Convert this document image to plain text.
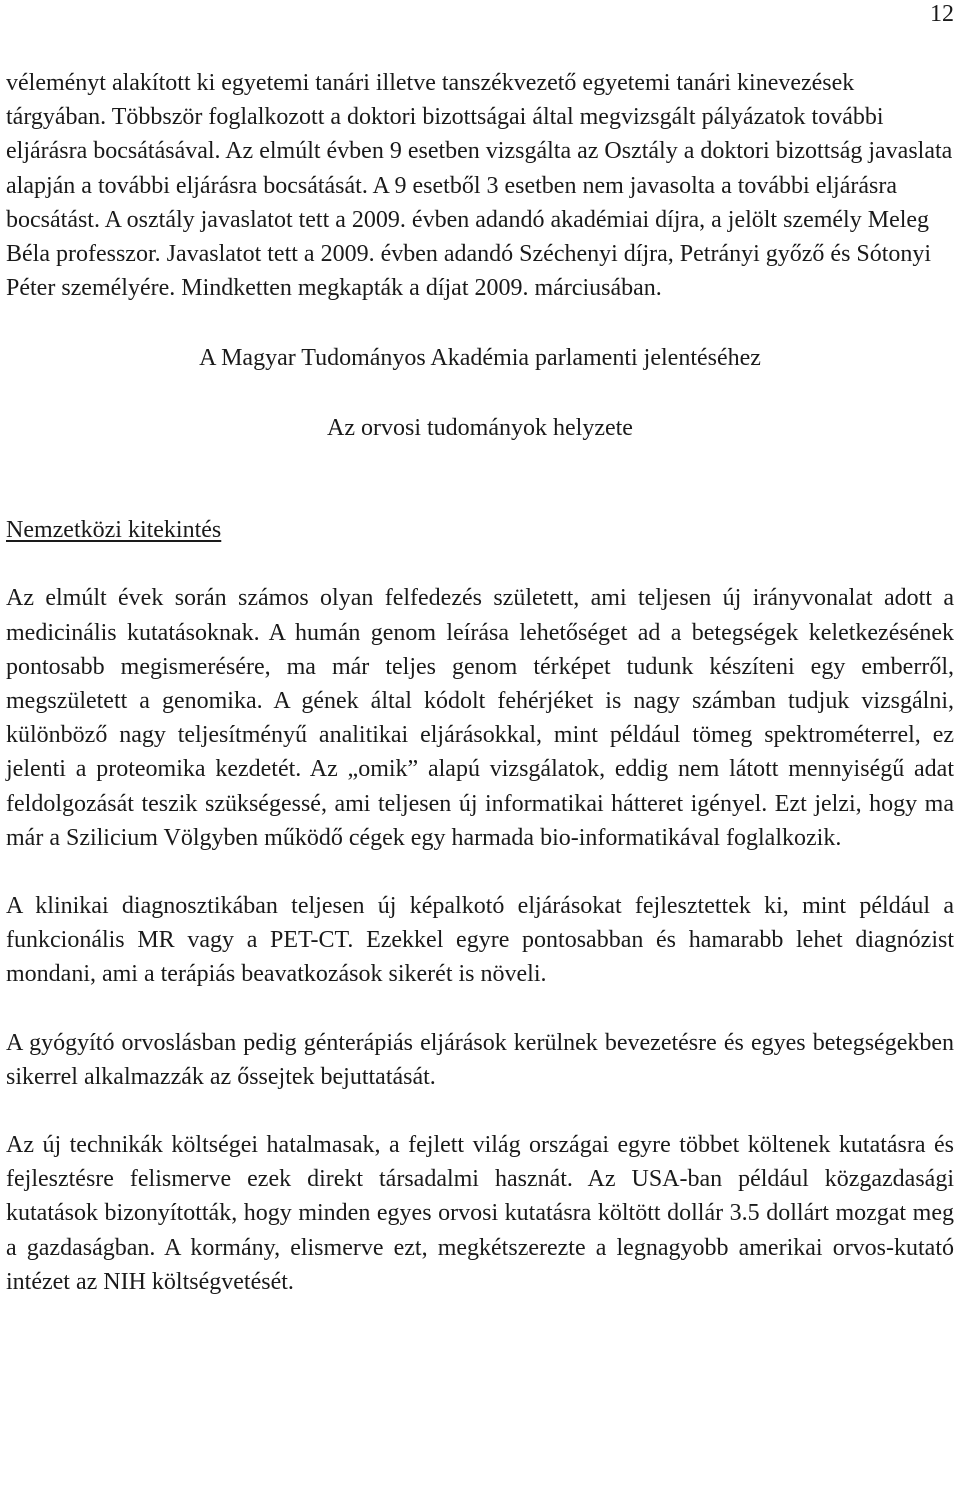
12

véleményt alakított ki egyetemi tanári illetve tanszékvezető egyetemi tanári kinevezések tárgyában. Többször foglalkozott a doktori bizottságai által megvizsgált pályázatok további eljárásra bocsátásával. Az elmúlt évben 9 esetben vizsgálta az Osztály a doktori bizottság javaslata alapján a további eljárásra bocsátását. A 9 esetből 3 esetben nem javasolta a további eljárásra bocsátást. A osztály javaslatot tett a 2009. évben adandó akadémiai díjra, a jelölt személy Meleg Béla professzor. Javaslatot tett a 2009. évben adandó Széchenyi díjra, Petrányi győző és Sótonyi Péter személyére. Mindketten megkapták a díjat 2009. márciusában.

A Magyar Tudományos Akadémia parlamenti jelentéséhez

Az orvosi tudományok helyzete

Nemzetközi kitekintés

Az elmúlt évek során számos olyan felfedezés született, ami teljesen új irányvonalat adott a medicinális kutatásoknak. A humán genom leírása lehetőséget ad a betegségek keletkezésének pontosabb megismerésére, ma már teljes genom térképet tudunk készíteni egy emberről, megszületett a genomika. A gének által kódolt fehérjéket is nagy számban tudjuk vizsgálni, különböző nagy teljesítményű analitikai eljárásokkal, mint például tömeg spektrométerrel, ez jelenti a proteomika kezdetét. Az „omik” alapú vizsgálatok, eddig nem látott mennyiségű adat feldolgozását teszik szükségessé, ami teljesen új informatikai hátteret igényel. Ezt jelzi, hogy ma már a Szilicium Völgyben működő cégek egy harmada bio-informatikával foglalkozik.

A klinikai diagnosztikában teljesen új képalkotó eljárásokat fejlesztettek ki, mint például a funkcionális MR vagy a PET-CT. Ezekkel egyre pontosabban és hamarabb lehet diagnózist mondani, ami a terápiás beavatkozások sikerét is növeli.

A gyógyító orvoslásban pedig génterápiás eljárások kerülnek bevezetésre és egyes betegségekben sikerrel alkalmazzák az őssejtek bejuttatását.

Az új technikák költségei hatalmasak, a fejlett világ országai egyre többet költenek kutatásra és fejlesztésre felismerve ezek direkt társadalmi hasznát. Az USA-ban például közgazdasági kutatások bizonyították, hogy minden egyes orvosi kutatásra költött dollár 3.5 dollárt mozgat meg a gazdaságban. A kormány, elismerve ezt, megkétszerezte a legnagyobb amerikai orvos-kutató intézet az NIH költségvetését.
